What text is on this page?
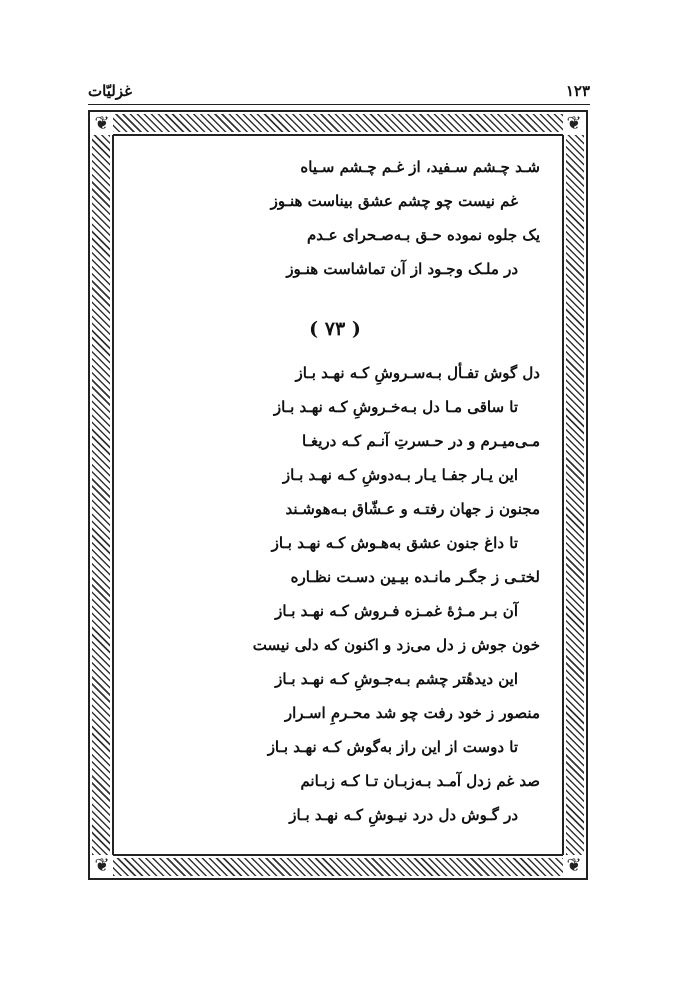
۱۲۳
غزلیّات
❦	❦
❦	❦
شـد چـشم سـفید، از غـم چـشم سـیاه
غم نیست چو چشم عشق بیناست هنـوز
یک جلوه نموده حـق بـه‌صـحرای عـدم
در ملـک وجـود از آن تماشاست هنـوز
( ۷۳ )
دل گوش تفـأل بـه‌سـروشِ کـه نهـد بـاز
تا ساقی مـا دل بـه‌خـروشِ کـه نهـد بـاز
مـی‌میـرم و در حـسرتِ آنـم کـه دریغـا
این یـار جفـا یـار بـه‌دوشِ کـه نهـد بـاز
مجنون ز جهان رفتـه و عـشّاق بـه‌هوشـند
تا داغ جنون عشق به‌هـوش کـه نهـد بـاز
لختـی ز جگـر مانـده بیـین دسـت نظـاره
آن بـر مـژهٔ غمـزه فـروش کـه نهـد بـاز
خون جوش ز دل می‌زد و اکنون که دلی نیست
این دیدهٔتر چشم بـه‌جـوشِ کـه نهـد بـاز
منصور ز خود رفت چو شد محـرمِ اسـرار
تا دوست از این راز به‌گوش کـه نهـد بـاز
صد غم زدل آمـد بـه‌زبـان تـا کـه زبـانم
در گـوش دل درد نیـوشِ کـه نهـد بـاز
